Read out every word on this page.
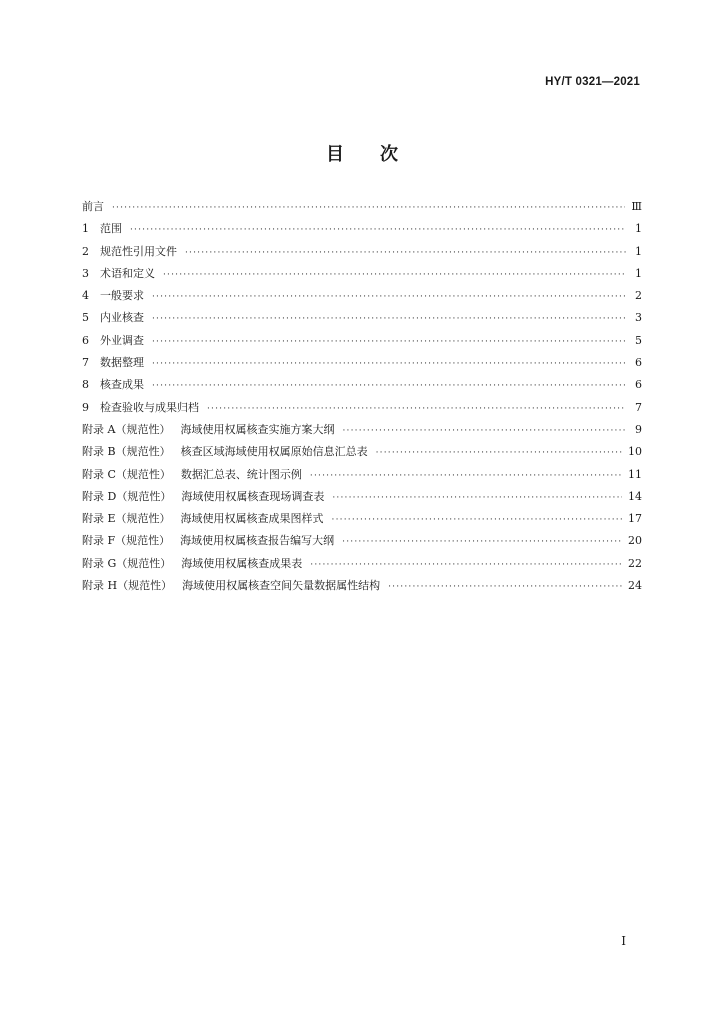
HY/T 0321—2021
目次
前言 ·····	Ⅲ
1	范围 ·····	1
2	规范性引用文件 ·····	1
3	术语和定义 ·····	1
4	一般要求 ·····	2
5	内业核查 ·····	3
6	外业调查 ·····	5
7	数据整理 ·····	6
8	核查成果 ·····	6
9	检查验收与成果归档 ·····	7
附录 A（规范性） 海域使用权属核查实施方案大纲 ·····	9
附录 B（规范性） 核查区域海域使用权属原始信息汇总表 ·····	10
附录 C（规范性） 数据汇总表、统计图示例 ·····	11
附录 D（规范性） 海域使用权属核查现场调查表 ·····	14
附录 E（规范性） 海域使用权属核查成果图样式 ·····	17
附录 F（规范性） 海域使用权属核查报告编写大纲 ·····	20
附录 G（规范性） 海域使用权属核查成果表 ·····	22
附录 H（规范性） 海域使用权属核查空间矢量数据属性结构 ·····	24
I
